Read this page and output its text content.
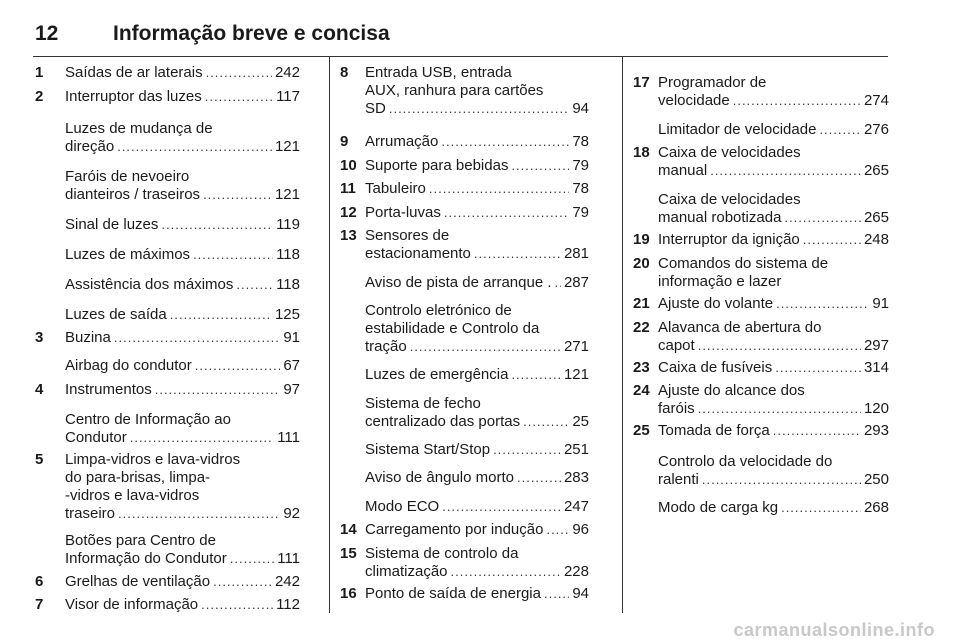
12	Informação breve e concisa
1 Saídas de ar laterais .....	242
2 Interruptor das luzes .....	117
Luzes de mudança de
direção .....	121
Faróis de nevoeiro
dianteiros / traseiros .....	121
Sinal de luzes .....	119
Luzes de máximos .....	118
Assistência dos máximos .....	118
Luzes de saída .....	125
3 Buzina .....	91
Airbag do condutor .....	67
4 Instrumentos .....	97
Centro de Informação ao
Condutor .....	111
5 Limpa-vidros e lava-vidros
do para-brisas, limpa-
-vidros e lava-vidros
traseiro .....	92
Botões para Centro de
Informação do Condutor .....	111
6 Grelhas de ventilação .....	242
7 Visor de informação .....	112
8 Entrada USB, entrada
AUX, ranhura para cartões
SD .....	94
9 Arrumação .....	78
10 Suporte para bebidas .....	79
11 Tabuleiro .....	78
12 Porta-luvas .....	79
13 Sensores de
estacionamento .....	281
Aviso de pista de arranque . ..... 287
Controlo eletrónico de
estabilidade e Controlo da
tração .....	271
Luzes de emergência .....	121
Sistema de fecho
centralizado das portas .....	25
Sistema Start/Stop .....	251
Aviso de ângulo morto .....	283
Modo ECO .....	247
14 Carregamento por indução ..... 96
15 Sistema de controlo da
climatização .....	228
16 Ponto de saída de energia ..... 94
17 Programador de
velocidade .....	274
Limitador de velocidade .....	276
18 Caixa de velocidades
manual .....	265
Caixa de velocidades
manual robotizada .....	265
19 Interruptor da ignição .....	248
20 Comandos do sistema de
informação e lazer
21 Ajuste do volante .....	91
22 Alavanca de abertura do
capot .....	297
23 Caixa de fusíveis .....	314
24 Ajuste do alcance dos
faróis .....	120
25 Tomada de força .....	293
Controlo da velocidade do
ralenti .....	250
Modo de carga kg .....	268
carmanualsonline.info
